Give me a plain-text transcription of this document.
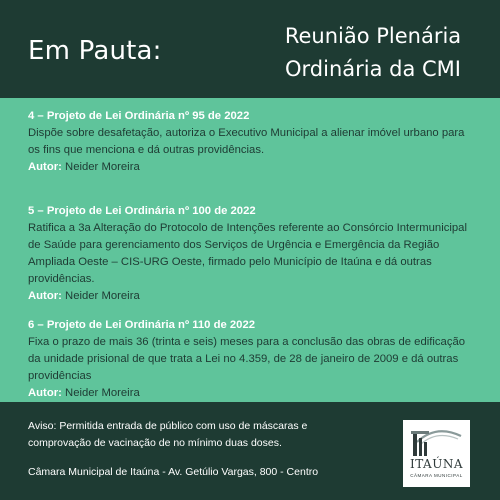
Em Pauta:	Reunião Plenária
Ordinária da CMI
4 – Projeto de Lei Ordinária nº 95 de 2022
Dispõe sobre desafetação, autoriza o Executivo Municipal a alienar imóvel urbano para os fins que menciona e dá outras providências.
Autor: Neider Moreira
5 – Projeto de Lei Ordinária nº 100 de 2022
Ratifica a 3a Alteração do Protocolo de Intenções referente ao Consórcio Intermunicipal de Saúde para gerenciamento dos Serviços de Urgência e Emergência da Região Ampliada Oeste – CIS-URG Oeste, firmado pelo Município de Itaúna e dá outras providências.
Autor: Neider Moreira
6 – Projeto de Lei Ordinária nº 110 de 2022
Fixa o prazo de mais 36 (trinta e seis) meses para a conclusão das obras de edificação da unidade prisional de que trata a Lei no 4.359, de 28 de janeiro de 2009 e dá outras providências
Autor: Neider Moreira
Aviso: Permitida entrada de público com uso de máscaras e comprovação de vacinação de no mínimo duas doses.
Câmara Municipal de Itaúna - Av. Getúlio Vargas, 800 - Centro
ITAÚNA
CÂMARA MUNICIPAL
